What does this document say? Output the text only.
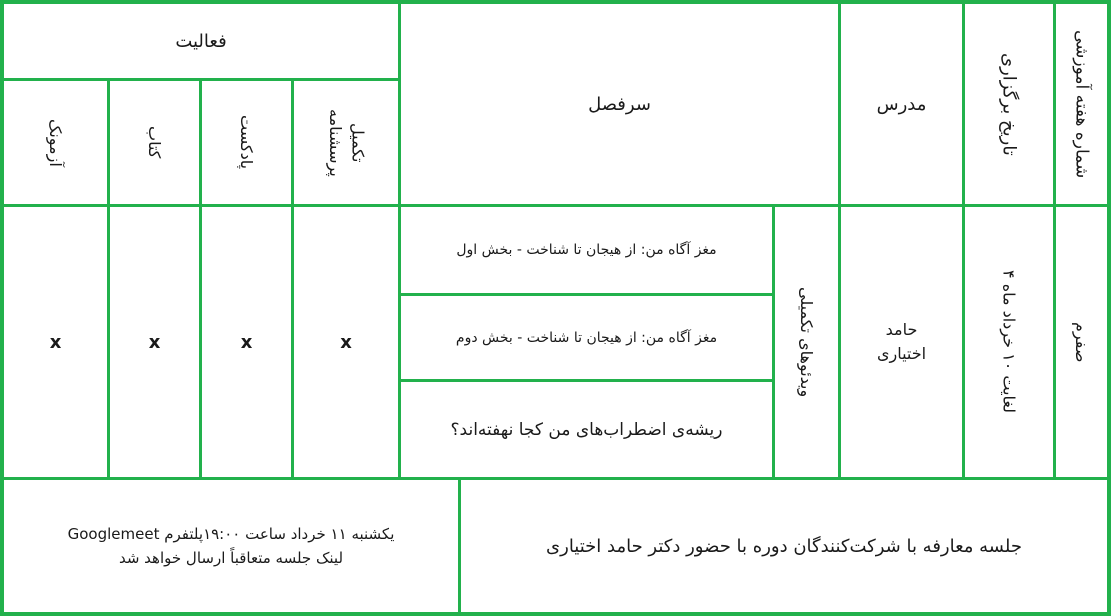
شماره هفته آموزشی
تاریخ برگزاری
مدرس
سرفصل
فعالیت
تکمیل
پرسشنامه
پادکست
کتاب
آزمونک
صفرم
۴ لغایت ۱۰ خرداد ماه
حامد
اختیاری
ویدئوهای تکمیلی
مغز آگاه من: از هیجان تا شناخت - بخش اول
مغز آگاه من: از هیجان تا شناخت - بخش دوم
ریشه‌ی اضطراب‌های من کجا نهفته‌اند؟
x
x
x
x
جلسه معارفه با شرکت‌کنندگان دوره با حضور دکتر حامد اختیاری
یکشنبه ۱۱ خرداد ساعت ۱۹:۰۰پلتفرم Googlemeet
لینک جلسه متعاقباً ارسال خواهد شد
